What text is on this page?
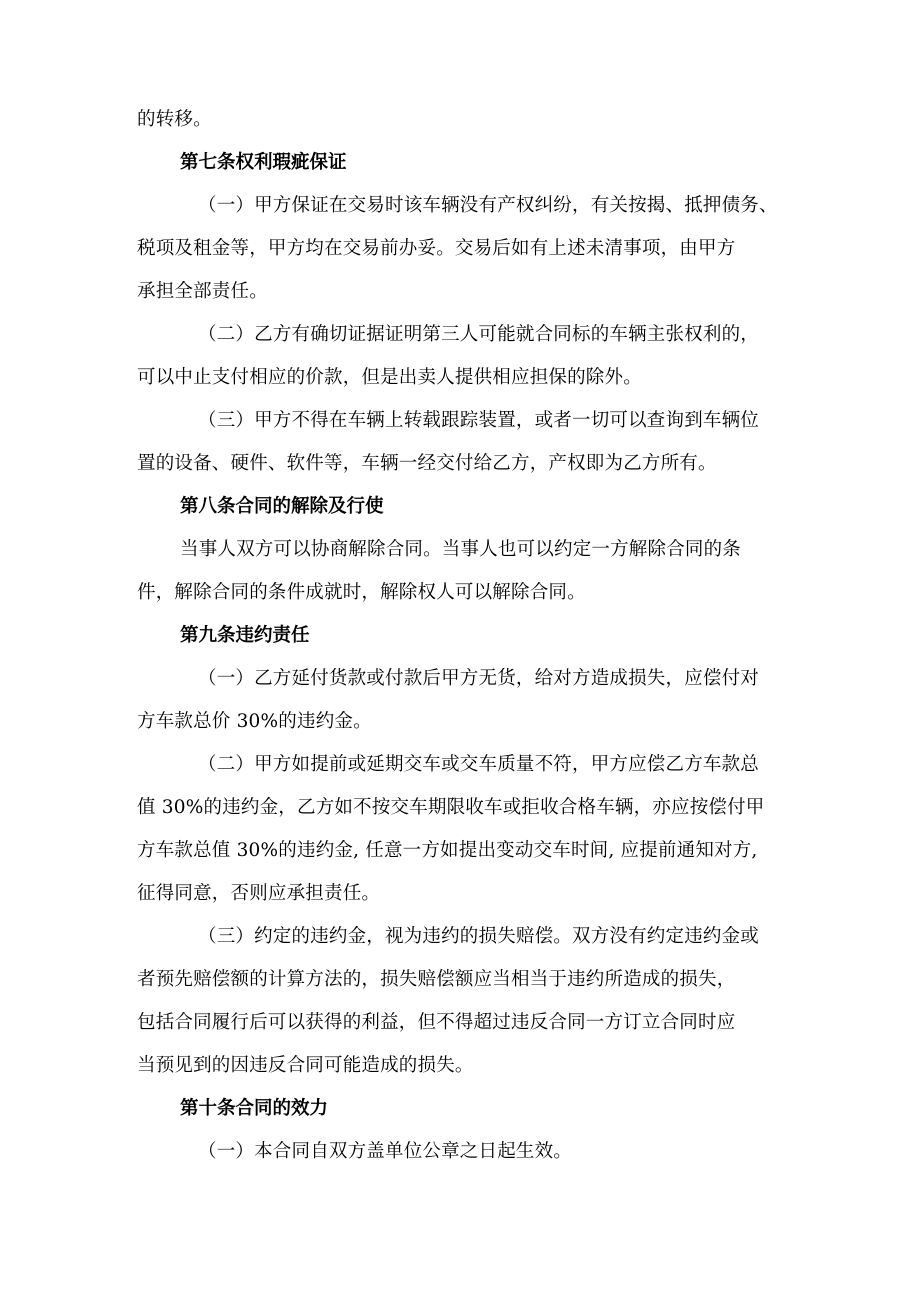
的转移。
第七条权利瑕疵保证
（一）甲方保证在交易时该车辆没有产权纠纷，有关按揭、抵押债务、
税项及租金等，甲方均在交易前办妥。交易后如有上述未清事项，由甲方
承担全部责任。
（二）乙方有确切证据证明第三人可能就合同标的车辆主张权利的，
可以中止支付相应的价款，但是出卖人提供相应担保的除外。
（三）甲方不得在车辆上转载跟踪装置，或者一切可以查询到车辆位
置的设备、硬件、软件等，车辆一经交付给乙方，产权即为乙方所有。
第八条合同的解除及行使
当事人双方可以协商解除合同。当事人也可以约定一方解除合同的条
件，解除合同的条件成就时，解除权人可以解除合同。
第九条违约责任
（一）乙方延付货款或付款后甲方无货，给对方造成损失，应偿付对
方车款总价 30%的违约金。
（二）甲方如提前或延期交车或交车质量不符，甲方应偿乙方车款总
值 30%的违约金，乙方如不按交车期限收车或拒收合格车辆，亦应按偿付甲
方车款总值 30%的违约金, 任意一方如提出变动交车时间, 应提前通知对方,
征得同意，否则应承担责任。
（三）约定的违约金，视为违约的损失赔偿。双方没有约定违约金或
者预先赔偿额的计算方法的，损失赔偿额应当相当于违约所造成的损失，
包括合同履行后可以获得的利益，但不得超过违反合同一方订立合同时应
当预见到的因违反合同可能造成的损失。
第十条合同的效力
（一）本合同自双方盖单位公章之日起生效。
